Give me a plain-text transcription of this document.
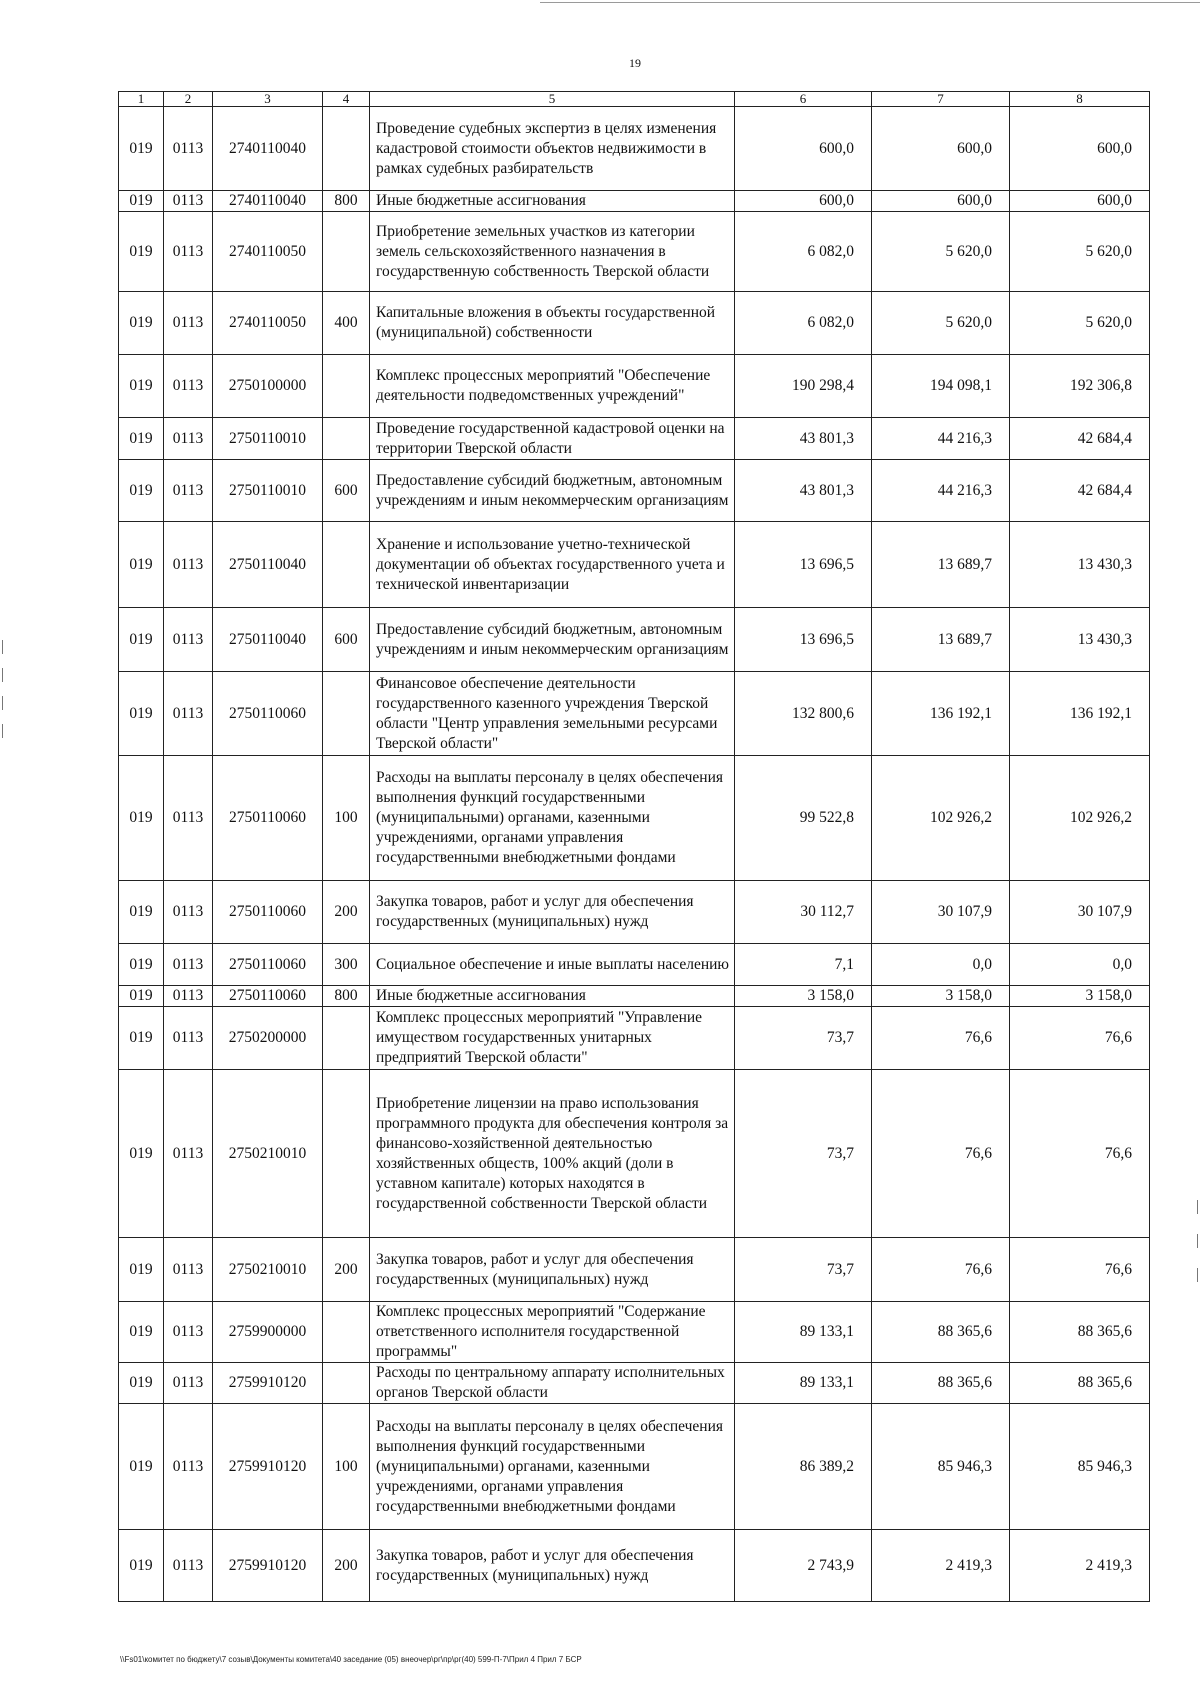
19
1	2	3	4	5	6	7	8
019	0113	2740110040		Проведение судебных экспертиз в целях изменения кадастровой стоимости объектов недвижимости в рамках судебных разбирательств	600,0	600,0	600,0
019	0113	2740110040	800	Иные бюджетные ассигнования	600,0	600,0	600,0
019	0113	2740110050		Приобретение земельных участков из категории земель сельскохозяйственного назначения в государственную собственность Тверской области	6 082,0	5 620,0	5 620,0
019	0113	2740110050	400	Капитальные вложения в объекты государственной (муниципальной) собственности	6 082,0	5 620,0	5 620,0
019	0113	2750100000		Комплекс процессных мероприятий "Обеспечение деятельности подведомственных учреждений"	190 298,4	194 098,1	192 306,8
019	0113	2750110010		Проведение государственной кадастровой оценки на территории Тверской области	43 801,3	44 216,3	42 684,4
019	0113	2750110010	600	Предоставление субсидий бюджетным, автономным учреждениям и иным некоммерческим организациям	43 801,3	44 216,3	42 684,4
019	0113	2750110040		Хранение и использование учетно-технической документации об объектах государственного учета и технической инвентаризации	13 696,5	13 689,7	13 430,3
019	0113	2750110040	600	Предоставление субсидий бюджетным, автономным учреждениям и иным некоммерческим организациям	13 696,5	13 689,7	13 430,3
019	0113	2750110060		Финансовое обеспечение деятельности государственного казенного учреждения Тверской области "Центр управления земельными ресурсами Тверской области"	132 800,6	136 192,1	136 192,1
019	0113	2750110060	100	Расходы на выплаты персоналу в целях обеспечения выполнения функций государственными (муниципальными) органами, казенными учреждениями, органами управления государственными внебюджетными фондами	99 522,8	102 926,2	102 926,2
019	0113	2750110060	200	Закупка товаров, работ и услуг для обеспечения государственных (муниципальных) нужд	30 112,7	30 107,9	30 107,9
019	0113	2750110060	300	Социальное обеспечение и иные выплаты населению	7,1	0,0	0,0
019	0113	2750110060	800	Иные бюджетные ассигнования	3 158,0	3 158,0	3 158,0
019	0113	2750200000		Комплекс процессных мероприятий "Управление имуществом государственных унитарных предприятий Тверской области"	73,7	76,6	76,6
019	0113	2750210010		Приобретение лицензии на право использования программного продукта для обеспечения контроля за финансово-хозяйственной деятельностью хозяйственных обществ, 100% акций (доли в уставном капитале) которых находятся в государственной собственности Тверской области	73,7	76,6	76,6
019	0113	2750210010	200	Закупка товаров, работ и услуг для обеспечения государственных (муниципальных) нужд	73,7	76,6	76,6
019	0113	2759900000		Комплекс процессных мероприятий "Содержание ответственного исполнителя государственной программы"	89 133,1	88 365,6	88 365,6
019	0113	2759910120		Расходы по центральному аппарату исполнительных органов Тверской области	89 133,1	88 365,6	88 365,6
019	0113	2759910120	100	Расходы на выплаты персоналу в целях обеспечения выполнения функций государственными (муниципальными) органами, казенными учреждениями, органами управления государственными внебюджетными фондами	86 389,2	85 946,3	85 946,3
019	0113	2759910120	200	Закупка товаров, работ и услуг для обеспечения государственных (муниципальных) нужд	2 743,9	2 419,3	2 419,3
\\Fs01\комитет по бюджету\7 созыв\Документы комитета\40 заседание (05) внеочер\рг\пр\рг(40) 599-П-7\Прил 4 Прил 7 БСР
